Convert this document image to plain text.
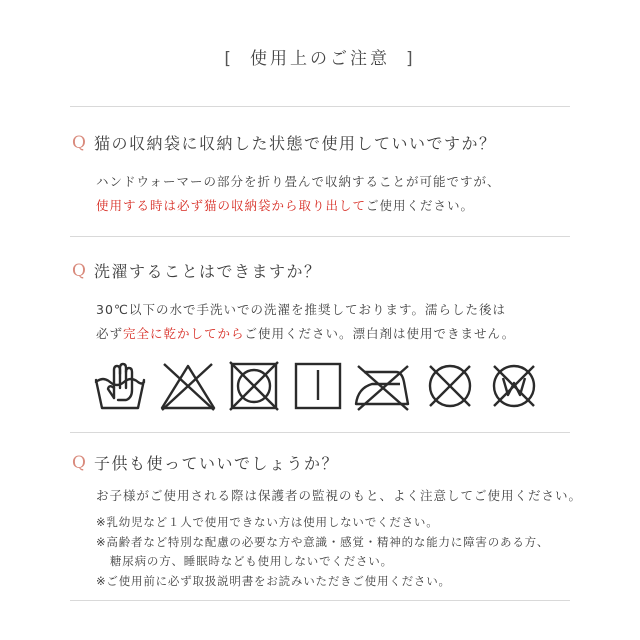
[ 使用上のご注意 ]
Q 猫の収納袋に収納した状態で使用していいですか？
ハンドウォーマーの部分を折り畳んで収納することが可能ですが、
使用する時は必ず猫の収納袋から取り出してご使用ください。
Q 洗濯することはできますか？
30℃以下の水で手洗いでの洗濯を推奨しております。濡らした後は
必ず完全に乾かしてからご使用ください。漂白剤は使用できません。
Q 子供も使っていいでしょうか？
お子様がご使用される際は保護者の監視のもと、よく注意してご使用ください。
※乳幼児など１人で使用できない方は使用しないでください。
※高齢者など特別な配慮の必要な方や意識・感覚・精神的な能力に障害のある方、
糖尿病の方、睡眠時なども使用しないでください。
※ご使用前に必ず取扱説明書をお読みいただきご使用ください。
